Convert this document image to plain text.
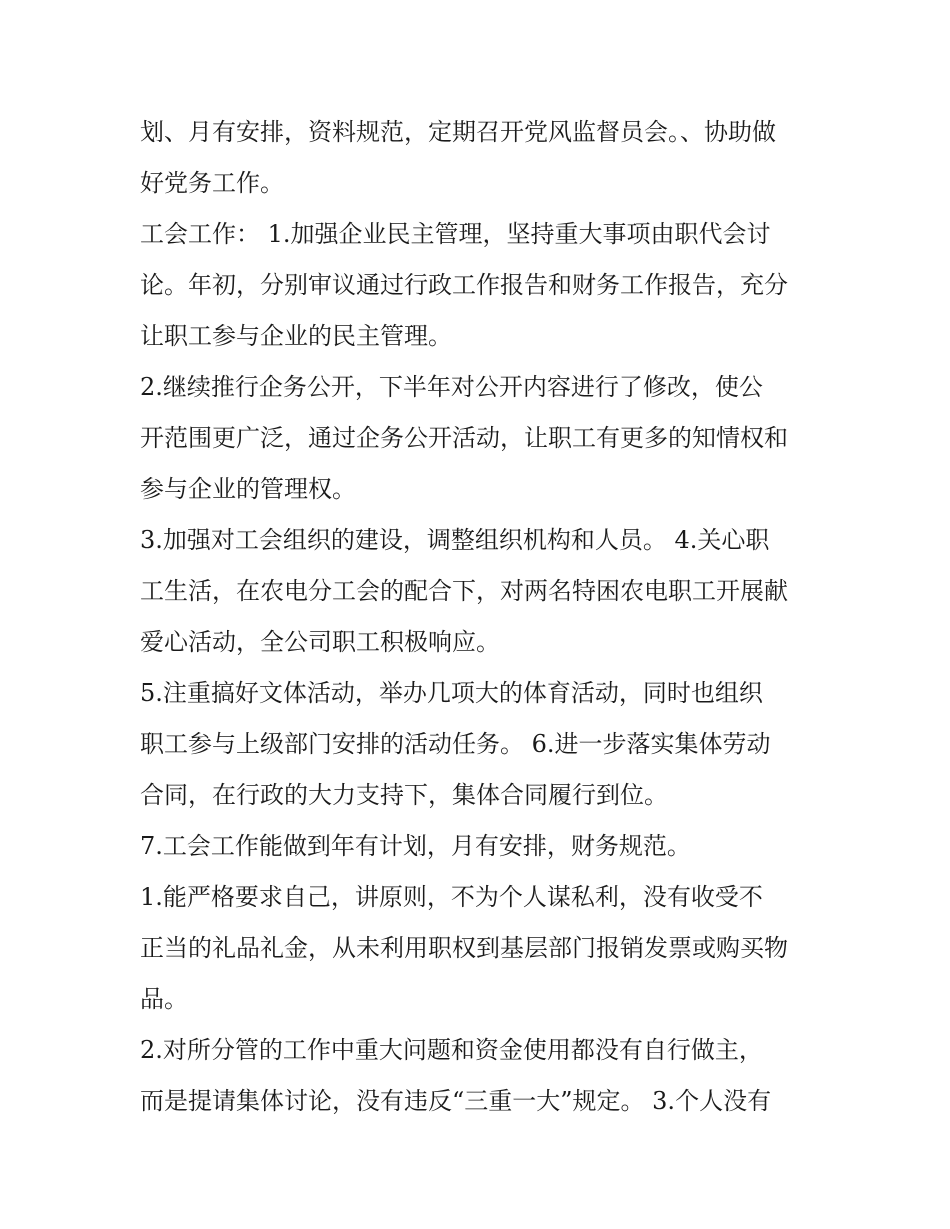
划、月有安排，资料规范，定期召开党风监督员会。、协助做
好党务工作。
工会工作： 1.加强企业民主管理，坚持重大事项由职代会讨
论。年初，分别审议通过行政工作报告和财务工作报告，充分
让职工参与企业的民主管理。
2.继续推行企务公开，下半年对公开内容进行了修改，使公
开范围更广泛，通过企务公开活动，让职工有更多的知情权和
参与企业的管理权。
3.加强对工会组织的建设，调整组织机构和人员。 4.关心职
工生活，在农电分工会的配合下，对两名特困农电职工开展献
爱心活动，全公司职工积极响应。
5.注重搞好文体活动，举办几项大的体育活动，同时也组织
职工参与上级部门安排的活动任务。 6.进一步落实集体劳动
合同，在行政的大力支持下，集体合同履行到位。
7.工会工作能做到年有计划，月有安排，财务规范。
1.能严格要求自己，讲原则，不为个人谋私利，没有收受不
正当的礼品礼金，从未利用职权到基层部门报销发票或购买物
品。
2.对所分管的工作中重大问题和资金使用都没有自行做主，
而是提请集体讨论，没有违反“三重一大”规定。 3.个人没有
